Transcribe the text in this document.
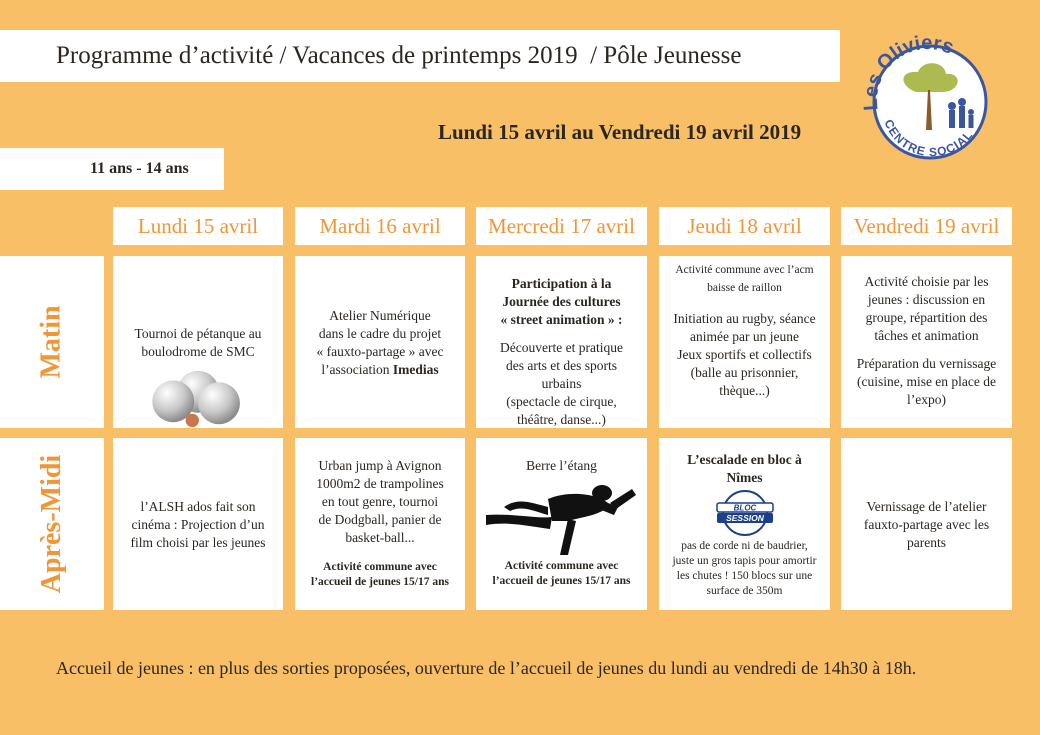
Programme d’activité / Vacances de printemps 2019  / Pôle Jeunesse
Les Oliviers
CENTRE SOCIAL
Lundi 15 avril au Vendredi 19 avril 2019
11 ans - 14 ans
Lundi 15 avril	Mardi 16 avril Mercredi 17 avril Jeudi 18 avril Vendredi 19 avril
Matin
Après-Midi
Tournoi de pétanque au
boulodrome de SMC
Atelier Numérique
dans le cadre du projet
« fauxto-partage » avec
l’association Imedias
Participation à la
Journée des cultures
« street animation » :
Découverte et pratique
des arts et des sports
urbains
(spectacle de cirque,
théâtre, danse...)
Activité commune avec l’acm
baisse de raillon
Initiation au rugby, séance
animée par un jeune
Jeux sportifs et collectifs
(balle au prisonnier,
thèque...)
Activité choisie par les
jeunes : discussion en
groupe, répartition des
tâches et animation
Préparation du vernissage
(cuisine, mise en place de
l’expo)
l’ALSH ados fait son
cinéma : Projection d’un
film choisi par les jeunes
Urban jump à Avignon
1000m2 de trampolines
en tout genre, tournoi
de Dodgball, panier de
basket-ball...
Activité commune avec
l’accueil de jeunes 15/17 ans
Berre l’étang
Activité commune avec
l’accueil de jeunes 15/17 ans
L’escalade en bloc à
Nîmes
BLOC
SESSION
pas de corde ni de baudrier,
juste un gros tapis pour amortir
les chutes ! 150 blocs sur une
surface de 350m
Vernissage de l’atelier
fauxto-partage avec les
parents
Accueil de jeunes : en plus des sorties proposées, ouverture de l’accueil de jeunes du lundi au vendredi de 14h30 à 18h.
